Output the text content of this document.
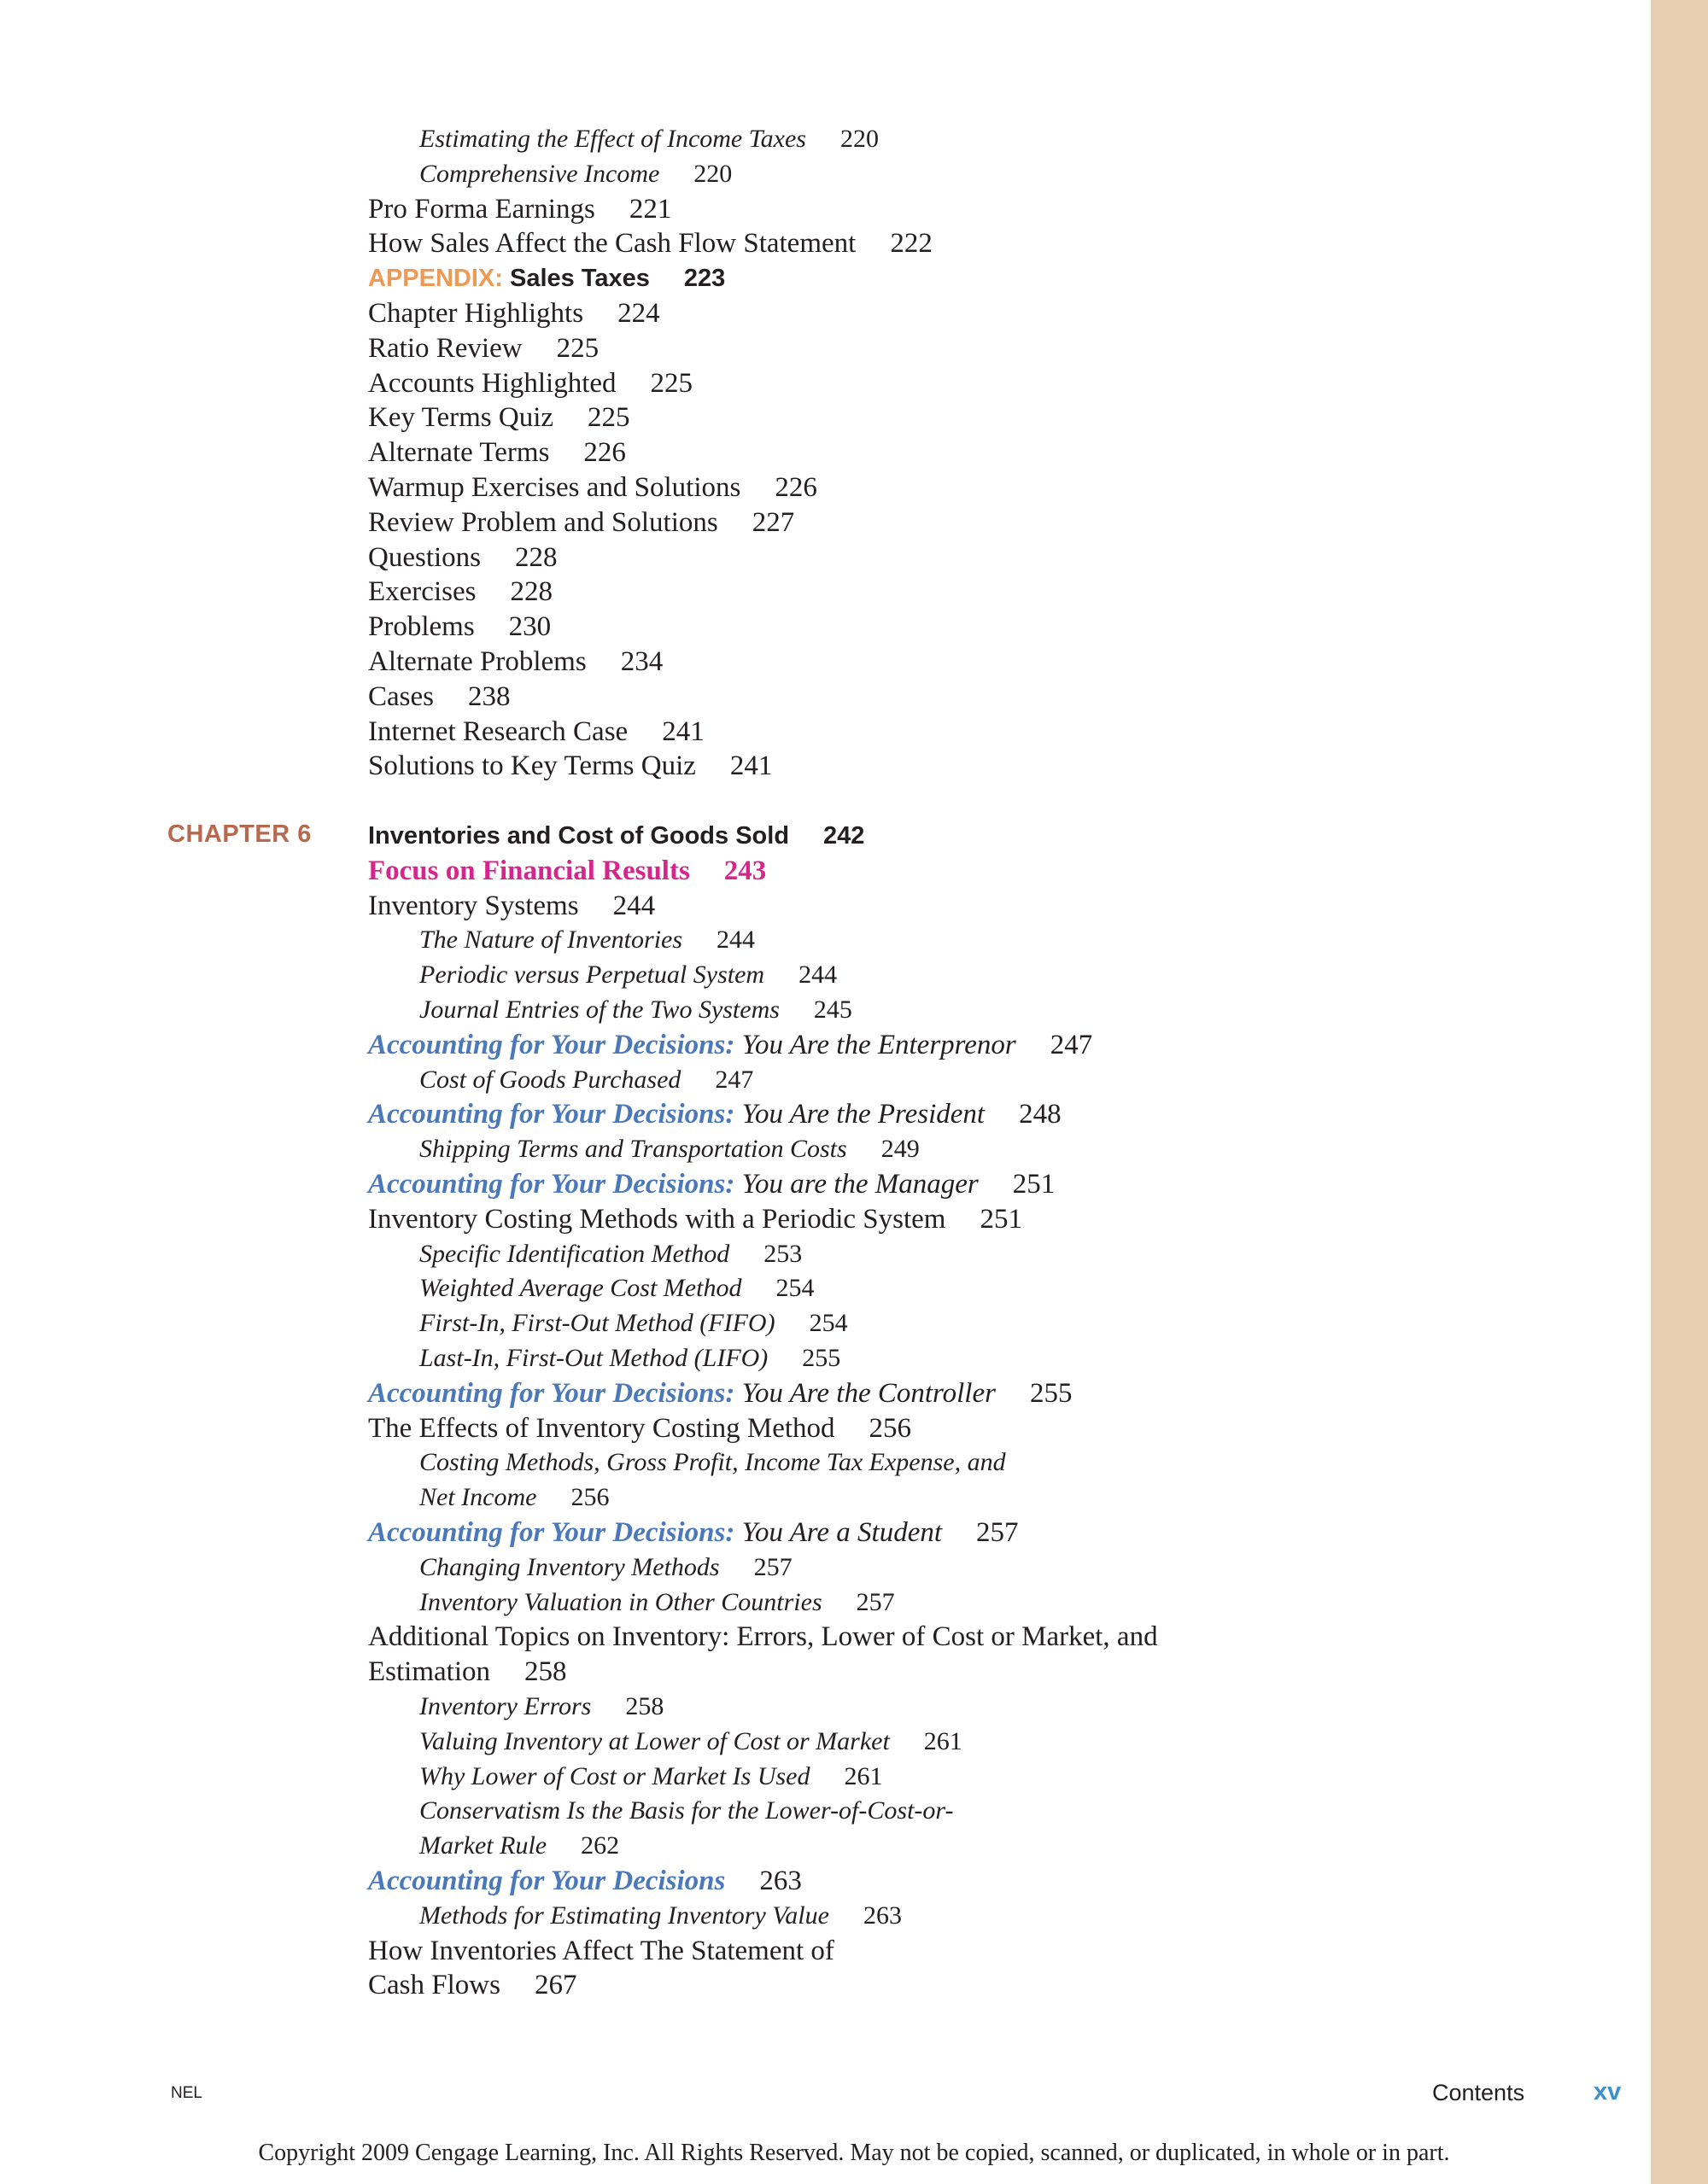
Estimating the Effect of Income Taxes 220
Comprehensive Income 220
Pro Forma Earnings 221
How Sales Affect the Cash Flow Statement 222
APPENDIX: Sales Taxes 223
Chapter Highlights 224
Ratio Review 225
Accounts Highlighted 225
Key Terms Quiz 225
Alternate Terms 226
Warmup Exercises and Solutions 226
Review Problem and Solutions 227
Questions 228
Exercises 228
Problems 230
Alternate Problems 234
Cases 238
Internet Research Case 241
Solutions to Key Terms Quiz 241
CHAPTER 6 Inventories and Cost of Goods Sold 242
Focus on Financial Results 243
Inventory Systems 244
The Nature of Inventories 244
Periodic versus Perpetual System 244
Journal Entries of the Two Systems 245
Accounting for Your Decisions: You Are the Enterprenor 247
Cost of Goods Purchased 247
Accounting for Your Decisions: You Are the President 248
Shipping Terms and Transportation Costs 249
Accounting for Your Decisions: You are the Manager 251
Inventory Costing Methods with a Periodic System 251
Specific Identification Method 253
Weighted Average Cost Method 254
First-In, First-Out Method (FIFO) 254
Last-In, First-Out Method (LIFO) 255
Accounting for Your Decisions: You Are the Controller 255
The Effects of Inventory Costing Method 256
Costing Methods, Gross Profit, Income Tax Expense, and Net Income 256
Accounting for Your Decisions: You Are a Student 257
Changing Inventory Methods 257
Inventory Valuation in Other Countries 257
Additional Topics on Inventory: Errors, Lower of Cost or Market, and Estimation 258
Inventory Errors 258
Valuing Inventory at Lower of Cost or Market 261
Why Lower of Cost or Market Is Used 261
Conservatism Is the Basis for the Lower-of-Cost-or-Market Rule 262
Accounting for Your Decisions 263
Methods for Estimating Inventory Value 263
How Inventories Affect The Statement of Cash Flows 267
NEL	Contents	xv
Copyright 2009 Cengage Learning, Inc. All Rights Reserved. May not be copied, scanned, or duplicated, in whole or in part.
